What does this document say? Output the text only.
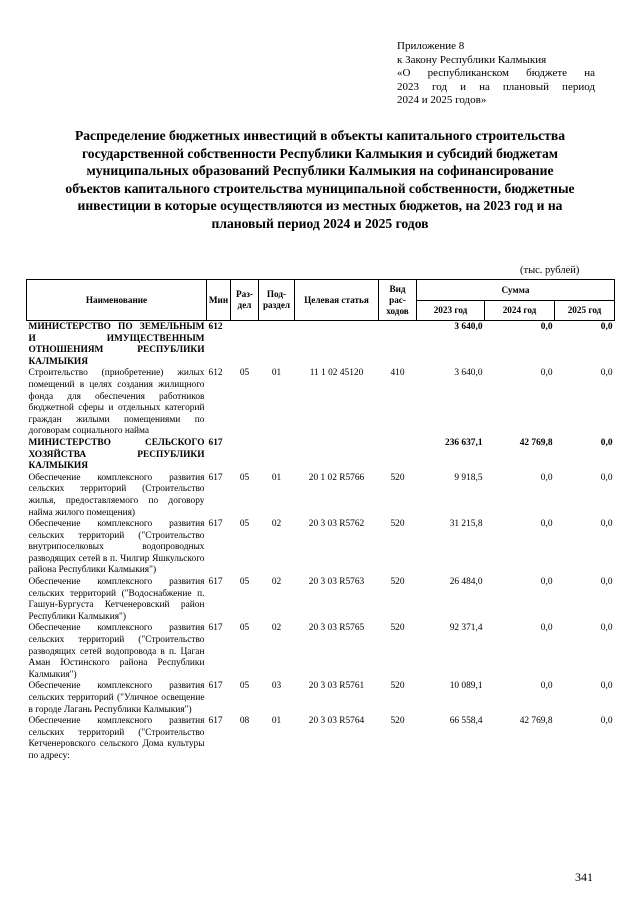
Приложение 8
к Закону Республики Калмыкия
«О республиканском бюджете на
2023 год и на плановый период
2024 и 2025 годов»
Распределение бюджетных инвестиций в объекты капитального строительства государственной собственности Республики Калмыкия и субсидий бюджетам муниципальных образований Республики Калмыкия на софинансирование объектов капитального строительства муниципальной собственности, бюджетные инвестиции в которые осуществляются из местных бюджетов, на 2023 год и на плановый период 2024 и 2025 годов
(тыс. рублей)
Наименование	Мин	Раз-дел	Под-раздел	Целевая статья	Вид рас-ходов	Сумма		
						2023 год	2024 год	2025 год
МИНИСТЕРСТВО ПО ЗЕМЕЛЬНЫМ И ИМУЩЕСТВЕННЫМ ОТНОШЕНИЯМ РЕСПУБЛИКИ КАЛМЫКИЯ	612					3 640,0	0,0	0,0
Строительство (приобретение) жилых помещений в целях создания жилищного фонда для обеспечения работников бюджетной сферы и отдельных категорий граждан жилыми помещениями по договорам социального найма	612	05	01	11 1 02 45120	410	3 640,0	0,0	0,0
МИНИСТЕРСТВО СЕЛЬСКОГО ХОЗЯЙСТВА РЕСПУБЛИКИ КАЛМЫКИЯ	617					236 637,1	42 769,8	0,0
Обеспечение комплексного развития сельских территорий (Строительство жилья, предоставляемого по договору найма жилого помещения)	617	05	01	20 1 02 R5766	520	9 918,5	0,0	0,0
Обеспечение комплексного развития сельских территорий ("Строительство внутрипоселковых водопроводных разводящих сетей в п. Чилгир Яшкульского района Республики Калмыкия")	617	05	02	20 3 03 R5762	520	31 215,8	0,0	0,0
Обеспечение комплексного развития сельских территорий ("Водоснабжение п. Гашун-Бургуста Кетченеровский район Республики Калмыкия")	617	05	02	20 3 03 R5763	520	26 484,0	0,0	0,0
Обеспечение комплексного развития сельских территорий ("Строительство разводящих сетей водопровода в п. Цаган Аман Юстинского района Республики Калмыкия")	617	05	02	20 3 03 R5765	520	92 371,4	0,0	0,0
Обеспечение комплексного развития сельских территорий ("Уличное освещение в городе Лагань Республики Калмыкия")	617	05	03	20 3 03 R5761	520	10 089,1	0,0	0,0
Обеспечение комплексного развития сельских территорий ("Строительство Кетченеровского сельского Дома культуры по адресу:	617	08	01	20 3 03 R5764	520	66 558,4	42 769,8	0,0
341
